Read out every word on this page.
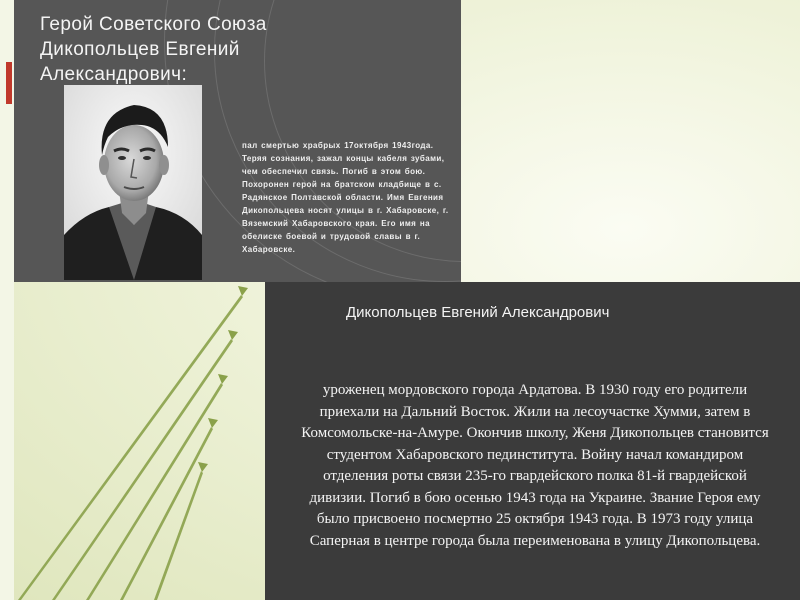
Герой Советского Союза
Дикопольцев Евгений
Александрович:

пал смертью храбрых 17октября 1943года. Теряя сознания, зажал концы кабеля зубами, чем обеспечил связь. Погиб в этом бою. Похоронен герой на братском кладбище в с. Радянское Полтавской области. Имя Евгения Дикопольцева носят улицы в г. Хабаровске, г. Вяземский Хабаровского края. Его имя на обелиске боевой и трудовой славы в г. Хабаровске.

Дикопольцев Евгений Александрович

уроженец мордовского города Ардатова. В 1930 году его родители приехали на Дальний Восток. Жили на лесоучастке Хумми, затем в Комсомольске-на-Амуре. Окончив школу, Женя Дикопольцев становится студентом Хабаровского пединститута. Войну начал командиром отделения роты связи 235-го гвардейского полка 81-й гвардейской дивизии. Погиб в бою осенью 1943 года на Украине. Звание Героя ему было присвоено посмертно 25 октября 1943 года. В 1973 году улица Саперная в центре города была переименована в улицу Дикопольцева.
